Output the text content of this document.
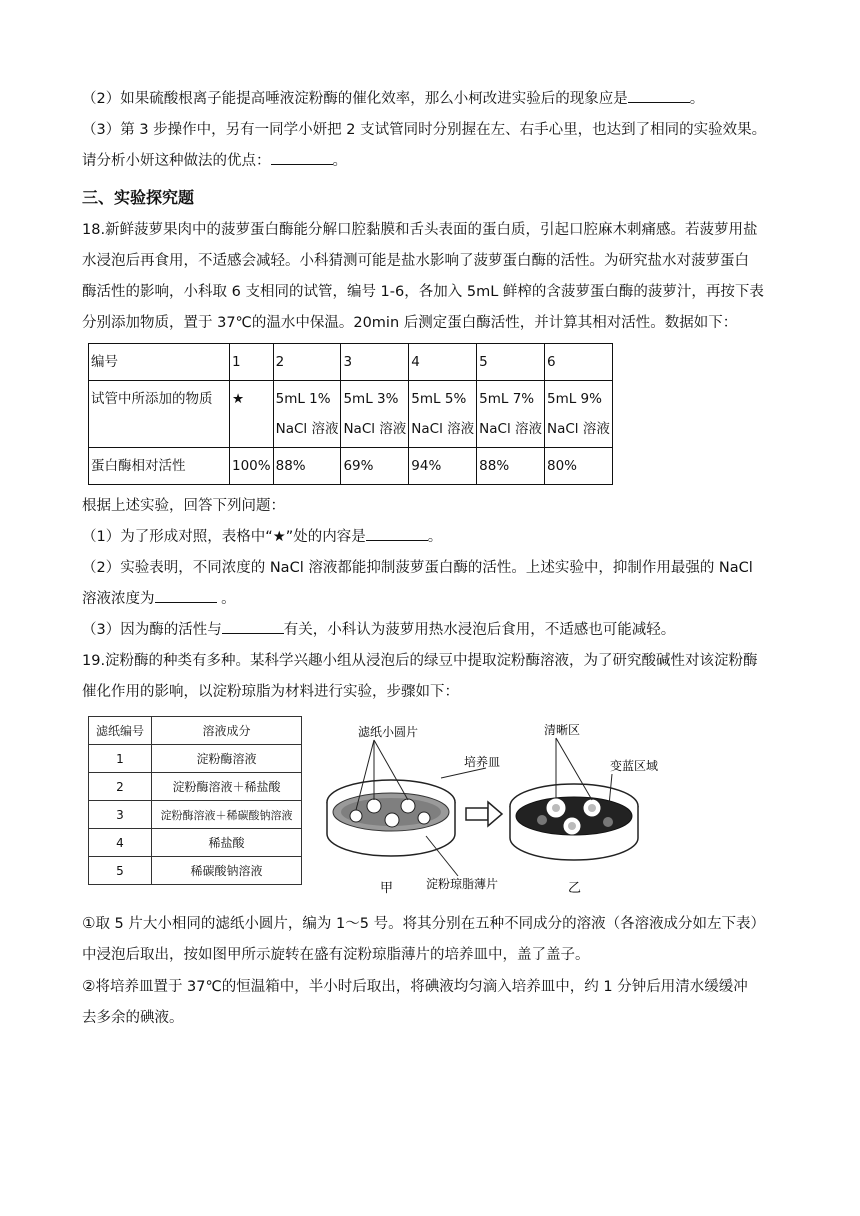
（2）如果硫酸根离子能提高唾液淀粉酶的催化效率，那么小柯改进实验后的现象应是	。

（3）第 3 步操作中，另有一同学小妍把 2 支试管同时分别握在左、右手心里，也达到了相同的实验效果。

请分析小妍这种做法的优点：	。

三、实验探究题

18.新鲜菠萝果肉中的菠萝蛋白酶能分解口腔黏膜和舌头表面的蛋白质，引起口腔麻木刺痛感。若菠萝用盐

水浸泡后再食用，不适感会减轻。小科猜测可能是盐水影响了菠萝蛋白酶的活性。为研究盐水对菠萝蛋白

酶活性的影响，小科取 6 支相同的试管，编号 1-6，各加入 5mL 鲜榨的含菠萝蛋白酶的菠萝汁，再按下表

分别添加物质，置于 37℃的温水中保温。20min 后测定蛋白酶活性，并计算其相对活性。数据如下：

编号	1	2	3	4	5	6
试管中所添加的物质	★	5mL 1%
NaCl 溶液	5mL 3%
NaCl 溶液	5mL 5%
NaCl 溶液	5mL 7%
NaCl 溶液	5mL 9%
NaCl 溶液
蛋白酶相对活性	100%	88%	69%	94%	88%	80%

根据上述实验，回答下列问题：

（1）为了形成对照，表格中“★”处的内容是	。

（2）实验表明，不同浓度的 NaCl 溶液都能抑制菠萝蛋白酶的活性。上述实验中，抑制作用最强的 NaCl

溶液浓度为	。

（3）因为酶的活性与	有关，小科认为菠萝用热水浸泡后食用，不适感也可能减轻。

19.淀粉酶的种类有多种。某科学兴趣小组从浸泡后的绿豆中提取淀粉酶溶液，为了研究酸碱性对该淀粉酶

催化作用的影响，以淀粉琼脂为材料进行实验，步骤如下：

滤纸编号	溶液成分
1	淀粉酶溶液
2	淀粉酶溶液＋稀盐酸
3	淀粉酶溶液＋稀碳酸钠溶液
4	稀盐酸
5	稀碳酸钠溶液
滤纸小圆片
培养皿
淀粉琼脂薄片
甲
清晰区
变蓝区域
乙

①取 5 片大小相同的滤纸小圆片，编为 1～5 号。将其分别在五种不同成分的溶液（各溶液成分如左下表）

中浸泡后取出，按如图甲所示旋转在盛有淀粉琼脂薄片的培养皿中，盖了盖子。

②将培养皿置于 37℃的恒温箱中，半小时后取出，将碘液均匀滴入培养皿中，约 1 分钟后用清水缓缓冲

去多余的碘液。
